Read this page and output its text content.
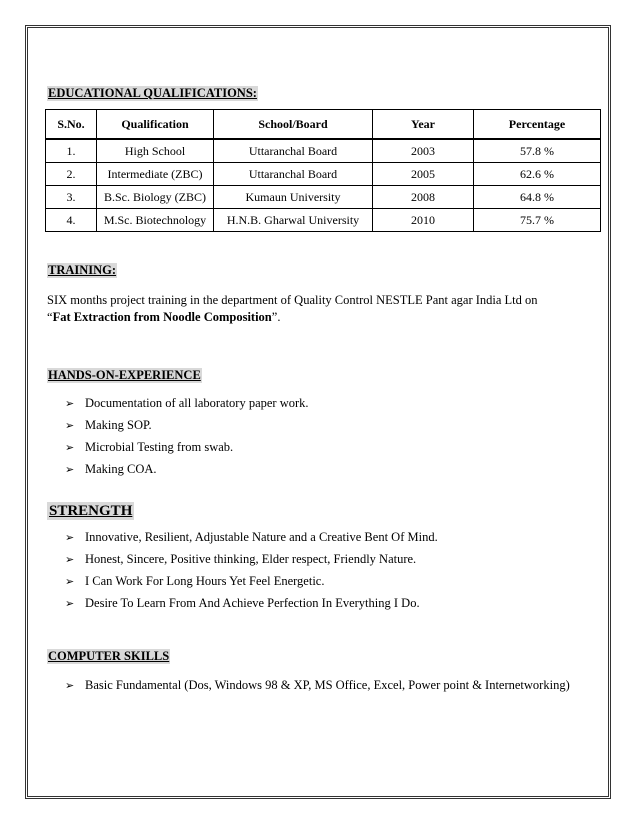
EDUCATIONAL QUALIFICATIONS:
S.No.	Qualification	School/Board	Year	Percentage
1.	High School	Uttaranchal Board	2003	57.8 %
2.	Intermediate (ZBC)	Uttaranchal Board	2005	62.6 %
3.	B.Sc. Biology (ZBC)	Kumaun University	2008	64.8 %
4.	M.Sc. Biotechnology	H.N.B. Gharwal University	2010	75.7 %
TRAINING:
SIX months project training in the department of Quality Control NESTLE Pant agar India Ltd on
“Fat Extraction from Noodle Composition”.
HANDS-ON-EXPERIENCE
➢ Documentation of all laboratory paper work.
➢ Making SOP.
➢ Microbial Testing from swab.
➢ Making COA.
STRENGTH
➢ Innovative, Resilient, Adjustable Nature and a Creative Bent Of Mind.
➢ Honest, Sincere, Positive thinking, Elder respect, Friendly Nature.
➢ I Can Work For Long Hours Yet Feel Energetic.
➢ Desire To Learn From And Achieve Perfection In Everything I Do.
COMPUTER SKILLS
➢ Basic Fundamental (Dos, Windows 98 & XP, MS Office, Excel, Power point & Internetworking)
